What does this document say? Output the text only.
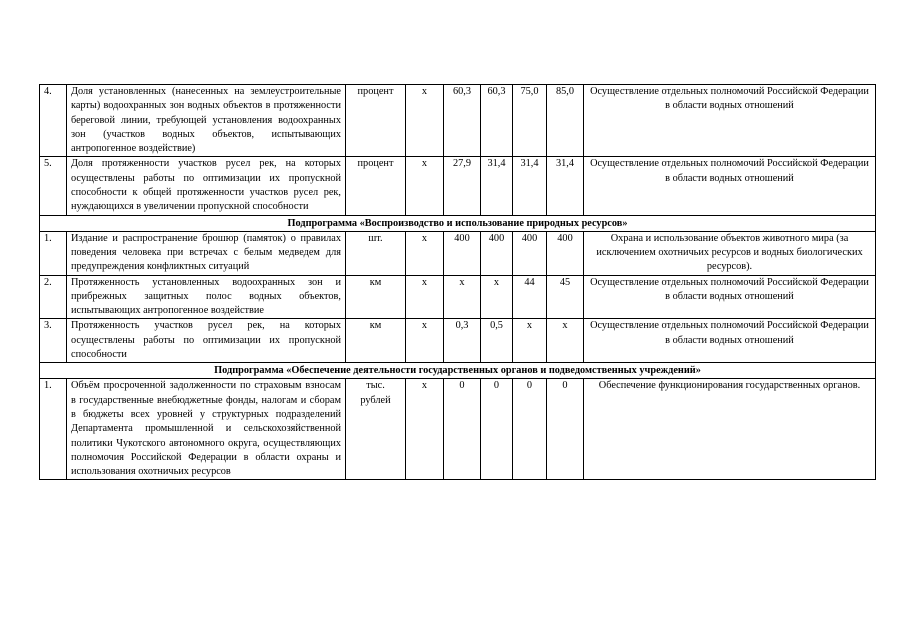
4.	Доля установленных (нанесенных на землеустроительные карты) водоохранных зон водных объектов в протяженности береговой линии, требующей установления водоохранных зон (участков водных объектов, испытывающих антропогенное воздействие)	процент	х	60,3	60,3	75,0	85,0	Осуществление отдельных полномочий Российской Федерации в области водных отношений
5.	Доля протяженности участков русел рек, на которых осуществлены работы по оптимизации их пропускной способности к общей протяженности участков русел рек, нуждающихся в увеличении пропускной способности	процент	х	27,9	31,4	31,4	31,4	Осуществление отдельных полномочий Российской Федерации в области водных отношений
Подпрограмма «Воспроизводство и использование природных ресурсов»								
1.	Издание и распространение брошюр (памяток) о правилах поведения человека при встречах с белым медведем для предупреждения конфликтных ситуаций	шт.	х	400	400	400	400	Охрана и использование объектов животного мира (за исключением охотничьих ресурсов и водных биологических ресурсов).
2.	Протяженность установленных водоохранных зон и прибрежных защитных полос водных объектов, испытывающих антропогенное воздействие	км	х	х	х	44	45	Осуществление отдельных полномочий Российской Федерации в области водных отношений
3.	Протяженность участков русел рек, на которых осуществлены работы по оптимизации их пропускной способности	км	х	0,3	0,5	х	х	Осуществление отдельных полномочий Российской Федерации в области водных отношений
Подпрограмма «Обеспечение деятельности государственных органов и подведомственных учреждений»								
1.	Объём просроченной задолженности по страховым взносам в государственные внебюджетные фонды, налогам и сборам в бюджеты всех уровней у структурных подразделений Департамента промышленной и сельскохозяйственной политики Чукотского автономного округа, осуществляющих полномочия Российской Федерации в области охраны и использования охотничьих ресурсов	тыс. рублей	х	0	0	0	0	Обеспечение функционирования государственных органов.
